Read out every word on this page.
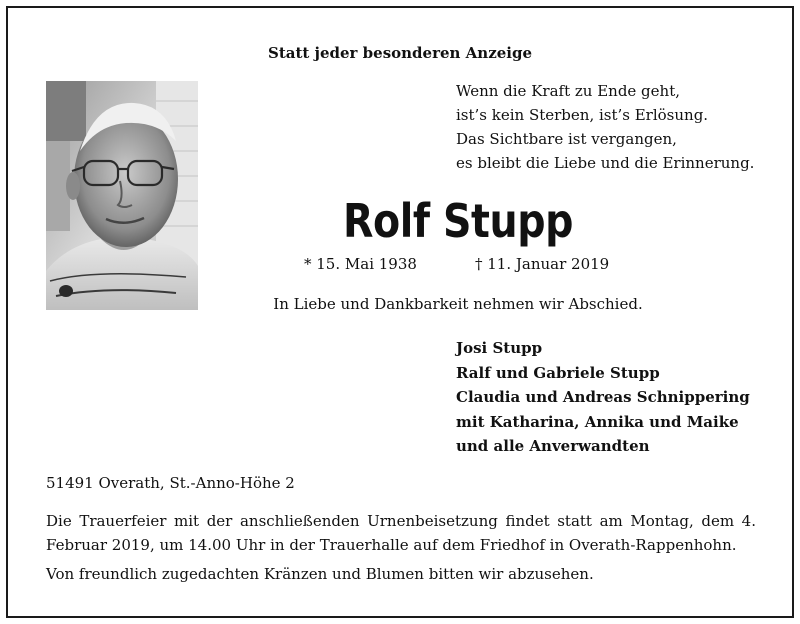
Statt jeder besonderen Anzeige
Wenn die Kraft zu Ende geht,
ist’s kein Sterben, ist’s Erlösung.
Das Sichtbare ist vergangen,
es bleibt die Liebe und die Erinnerung.
Rolf Stupp
* 15. Mai 1938	† 11. Januar 2019
In Liebe und Dankbarkeit nehmen wir Abschied.
Josi Stupp
Ralf und Gabriele Stupp
Claudia und Andreas Schnippering
mit Katharina, Annika und Maike
und alle Anverwandten
51491 Overath, St.-Anno-Höhe 2
Die Trauerfeier mit der anschließenden Urnenbeisetzung findet statt am Montag, dem 4. Februar 2019, um 14.00 Uhr in der Trauerhalle auf dem Friedhof in Overath-Rappenhohn.
Von freundlich zugedachten Kränzen und Blumen bitten wir abzusehen.
